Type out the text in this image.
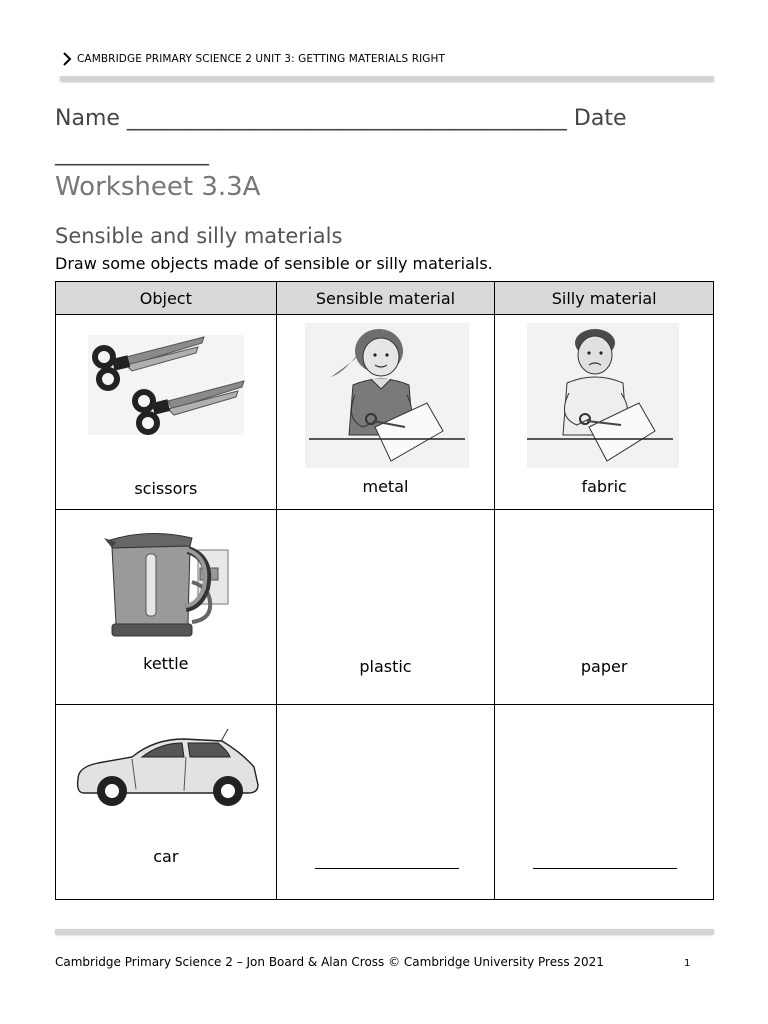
CAMBRIDGE PRIMARY SCIENCE 2 UNIT 3: GETTING MATERIALS RIGHT
Name ________________________________________ Date
______________
Worksheet 3.3A
Sensible and silly materials
Draw some objects made of sensible or silly materials.
Object	Sensible material	Silly material

scissors	metal	fabric

kettle	plastic	paper

car		

Cambridge Primary Science 2 – Jon Board & Alan Cross © Cambridge University Press 2021	1
